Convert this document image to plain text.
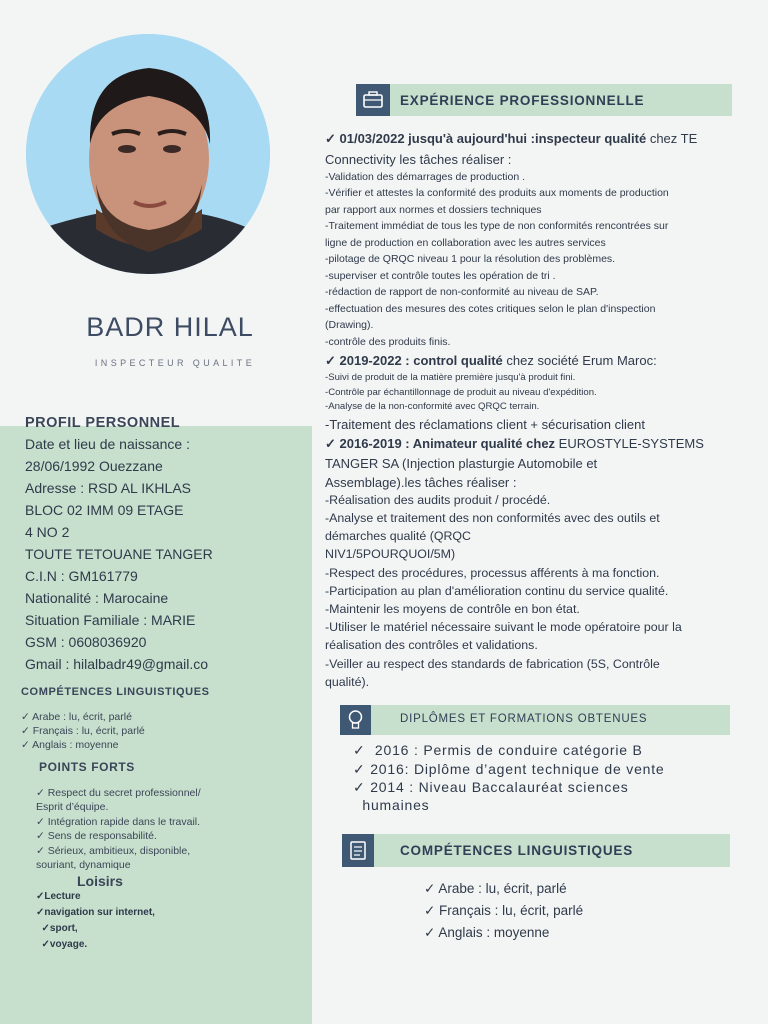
BADR HILAL
INSPECTEUR QUALITE
PROFIL PERSONNEL
Date et lieu de naissance :
28/06/1992 Ouezzane
Adresse : RSD AL IKHLAS
BLOC 02 IMM 09 ETAGE
4 NO 2
TOUTE TETOUANE TANGER
C.I.N : GM161779
Nationalité : Marocaine
Situation Familiale : MARIE
GSM : 0608036920
Gmail : hilalbadr49@gmail.co
COMPÉTENCES LINGUISTIQUES
✓ Arabe : lu, écrit, parlé
✓ Français : lu, écrit, parlé
✓ Anglais : moyenne
POINTS FORTS
✓ Respect du secret professionnel/
Esprit d’équipe.
✓ Intégration rapide dans le travail.
✓ Sens de responsabilité.
✓ Sérieux, ambitieux, disponible,
souriant, dynamique
Loisirs
✓Lecture
✓navigation sur internet,
✓sport,
✓voyage.
EXPÉRIENCE PROFESSIONNELLE
✓ 01/03/2022 jusqu'à aujourd'hui :inspecteur qualité chez TE
Connectivity les tâches réaliser :
-Validation des démarrages de production .
-Vérifier et attestes la conformité des produits aux moments de production
par rapport aux normes et dossiers techniques
-Traitement immédiat de tous les type de non conformités rencontrées sur
ligne de production en collaboration avec les autres services
-pilotage de QRQC niveau 1 pour la résolution des problèmes.
-superviser et contrôle toutes les opération de tri .
-rédaction de rapport de non-conformité au niveau de SAP.
-effectuation des mesures des cotes critiques selon le plan d'inspection
(Drawing).
-contrôle des produits finis.
✓ 2019-2022 : control qualité chez société Erum Maroc:
-Suivi de produit de la matière première jusqu'à produit fini.
-Contrôle par échantillonnage de produit au niveau d'expédition.
-Analyse de la non-conformité avec QRQC terrain.
-Traitement des réclamations client + sécurisation client
✓ 2016-2019 : Animateur qualité chez EUROSTYLE-SYSTEMS
TANGER SA (Injection plasturgie Automobile et
Assemblage).les tâches réaliser :
-Réalisation des audits produit / procédé.
-Analyse et traitement des non conformités avec des outils et
démarches qualité (QRQC
NIV1/5POURQUOI/5M)
-Respect des procédures, processus afférents à ma fonction.
-Participation au plan d'amélioration continu du service qualité.
-Maintenir les moyens de contrôle en bon état.
-Utiliser le matériel nécessaire suivant le mode opératoire pour la
réalisation des contrôles et validations.
-Veiller au respect des standards de fabrication (5S, Contrôle
qualité).
DIPLÔMES ET FORMATIONS OBTENUES
✓  2016 : Permis de conduire catégorie B
✓ 2016: Diplôme d’agent technique de vente
✓ 2014 : Niveau Baccalauréat sciences
humaines
COMPÉTENCES LINGUISTIQUES
✓ Arabe : lu, écrit, parlé
✓ Français : lu, écrit, parlé
✓ Anglais : moyenne
